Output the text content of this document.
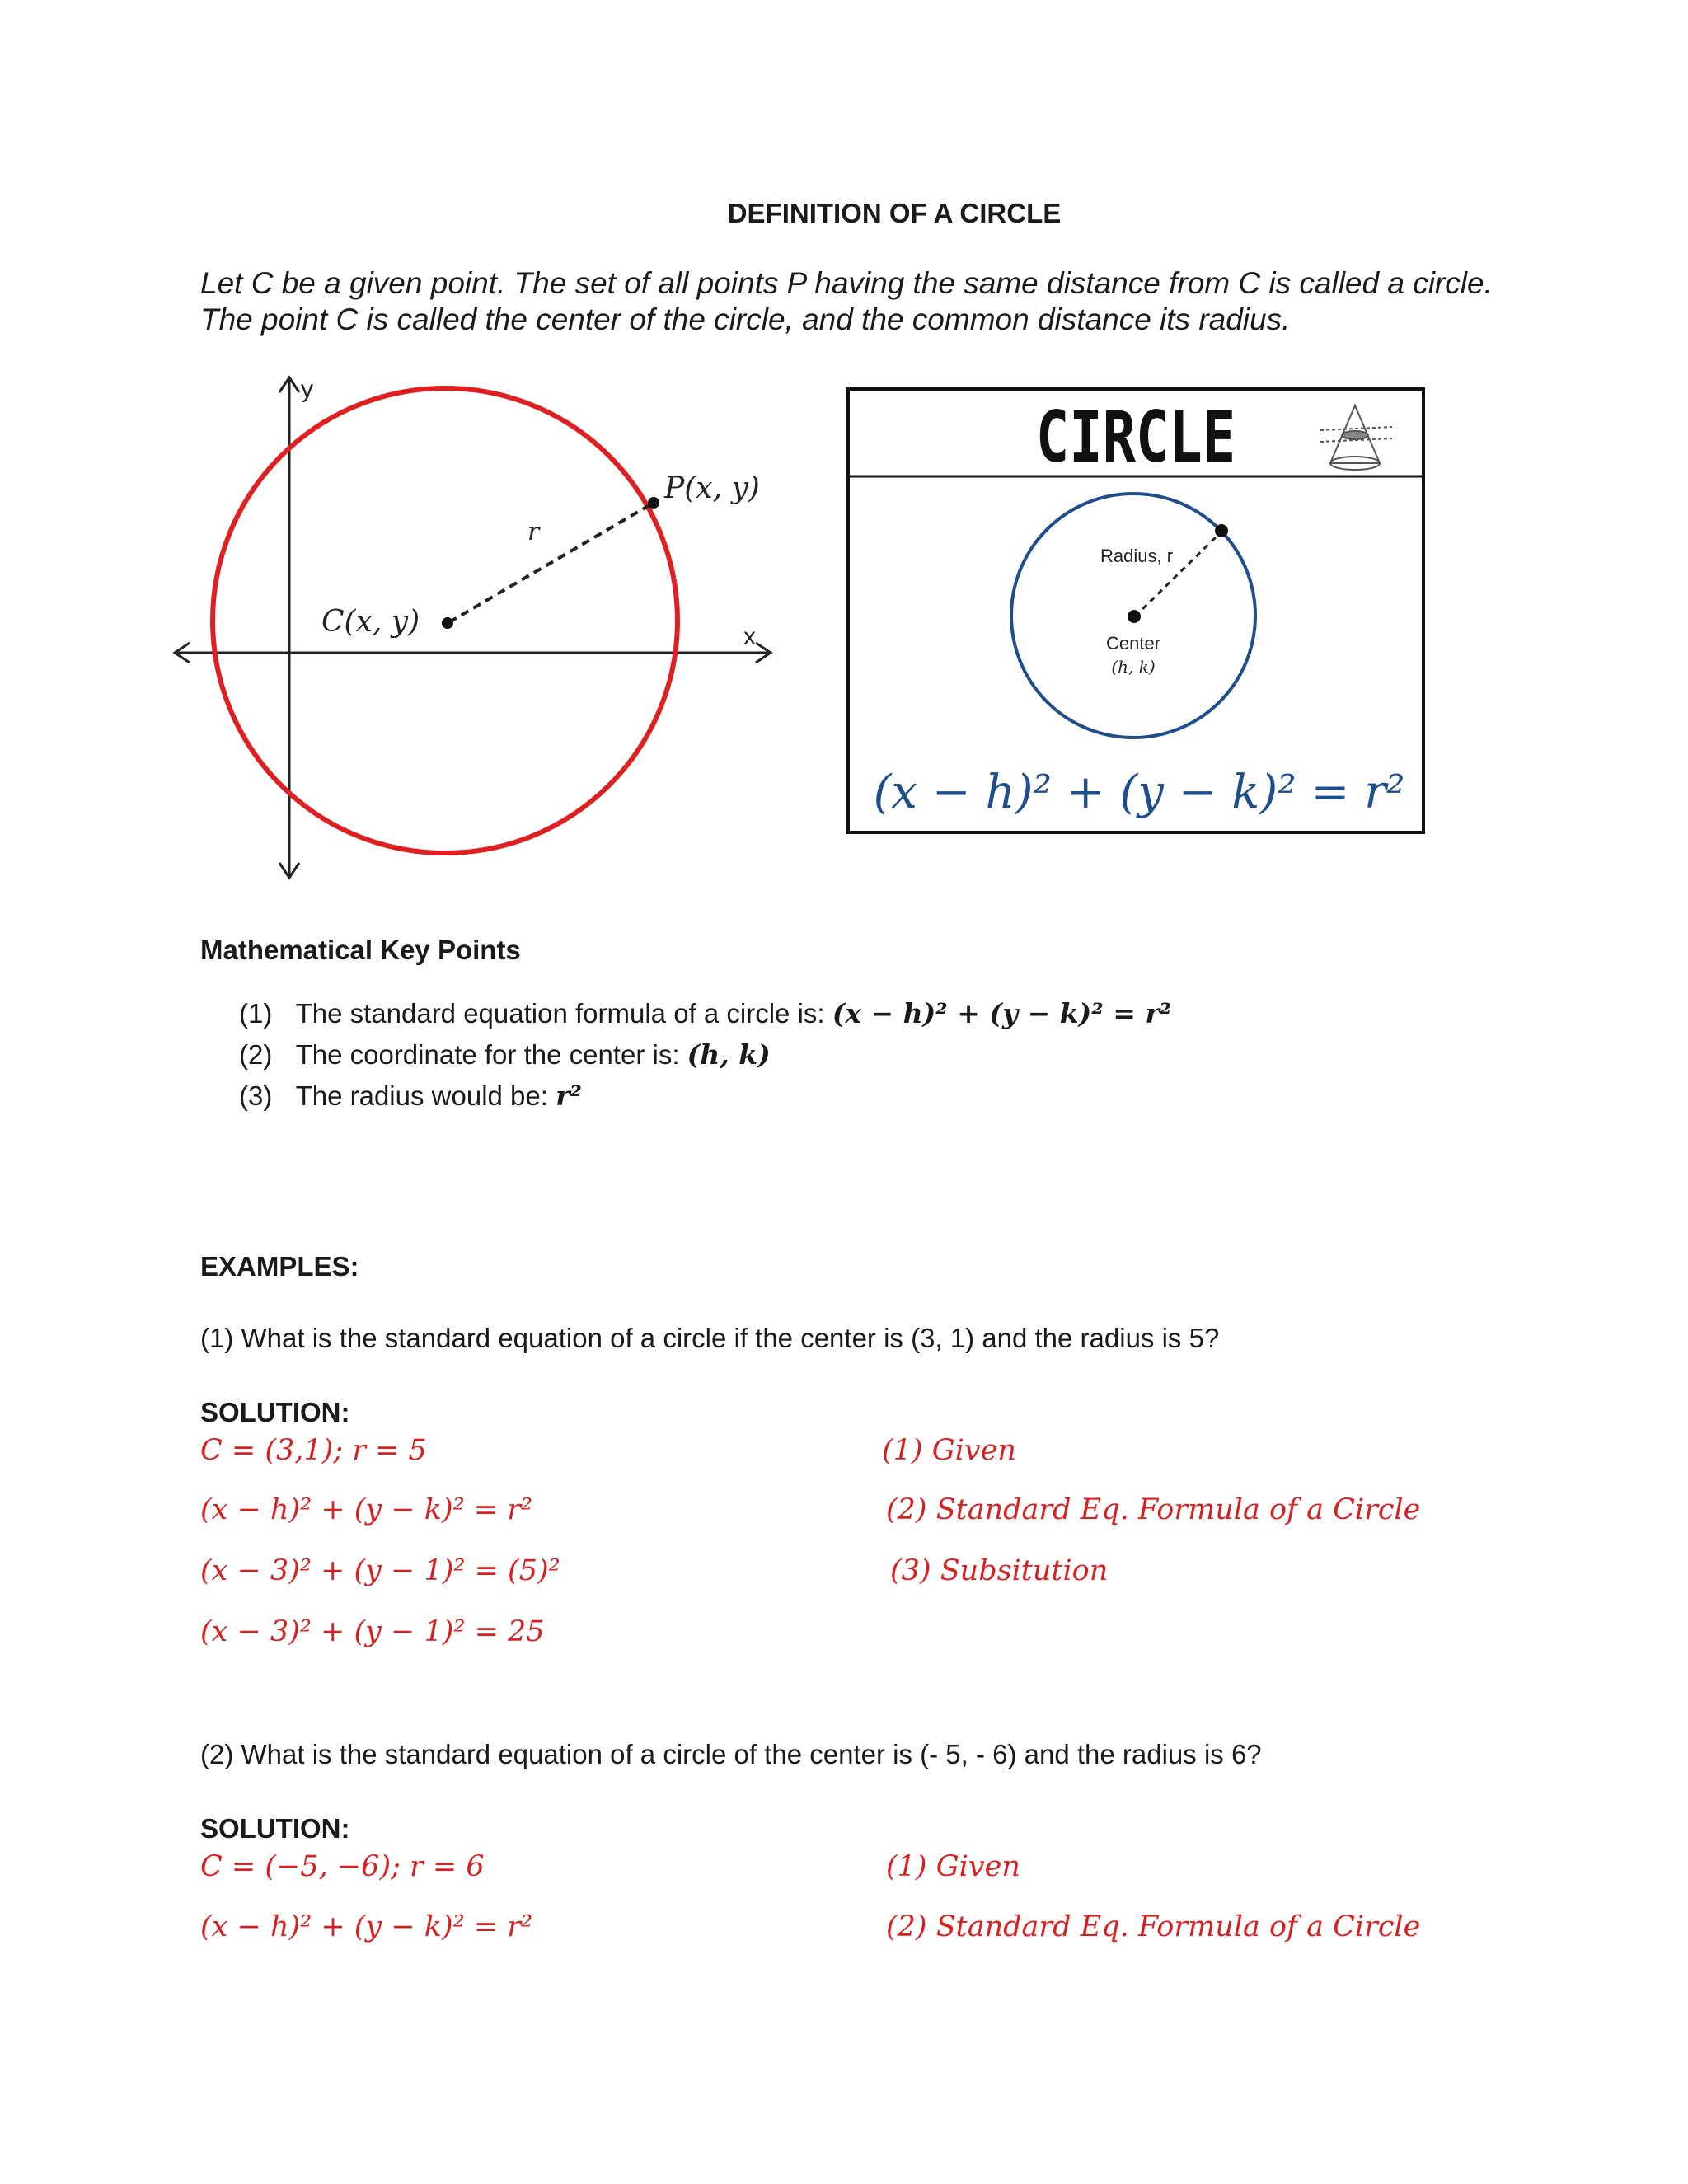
DEFINITION OF A CIRCLE
Let C be a given point. The set of all points P having the same distance from C is called a circle.
The point C is called the center of the circle, and the common distance its radius.
y
x
C(x, y)
P(x, y)
r
CIRCLE
Radius, r
Center
(h, k)
(x − h)² + (y − k)² = r²
Mathematical Key Points
(1) The standard equation formula of a circle is: (x − h)² + (y − k)² = r²
(2) The coordinate for the center is: (h, k)
(3) The radius would be: r²
EXAMPLES:
(1) What is the standard equation of a circle if the center is (3, 1) and the radius is 5?
SOLUTION:
C = (3,1); r = 5	(1) Given
(x − h)² + (y − k)² = r²	(2) Standard Eq. Formula of a Circle
(x − 3)² + (y − 1)² = (5)²	(3) Subsitution
(x − 3)² + (y − 1)² = 25
(2) What is the standard equation of a circle of the center is (- 5, - 6) and the radius is 6?
SOLUTION:
C = (−5, −6); r = 6	(1) Given
(x − h)² + (y − k)² = r²	(2) Standard Eq. Formula of a Circle
